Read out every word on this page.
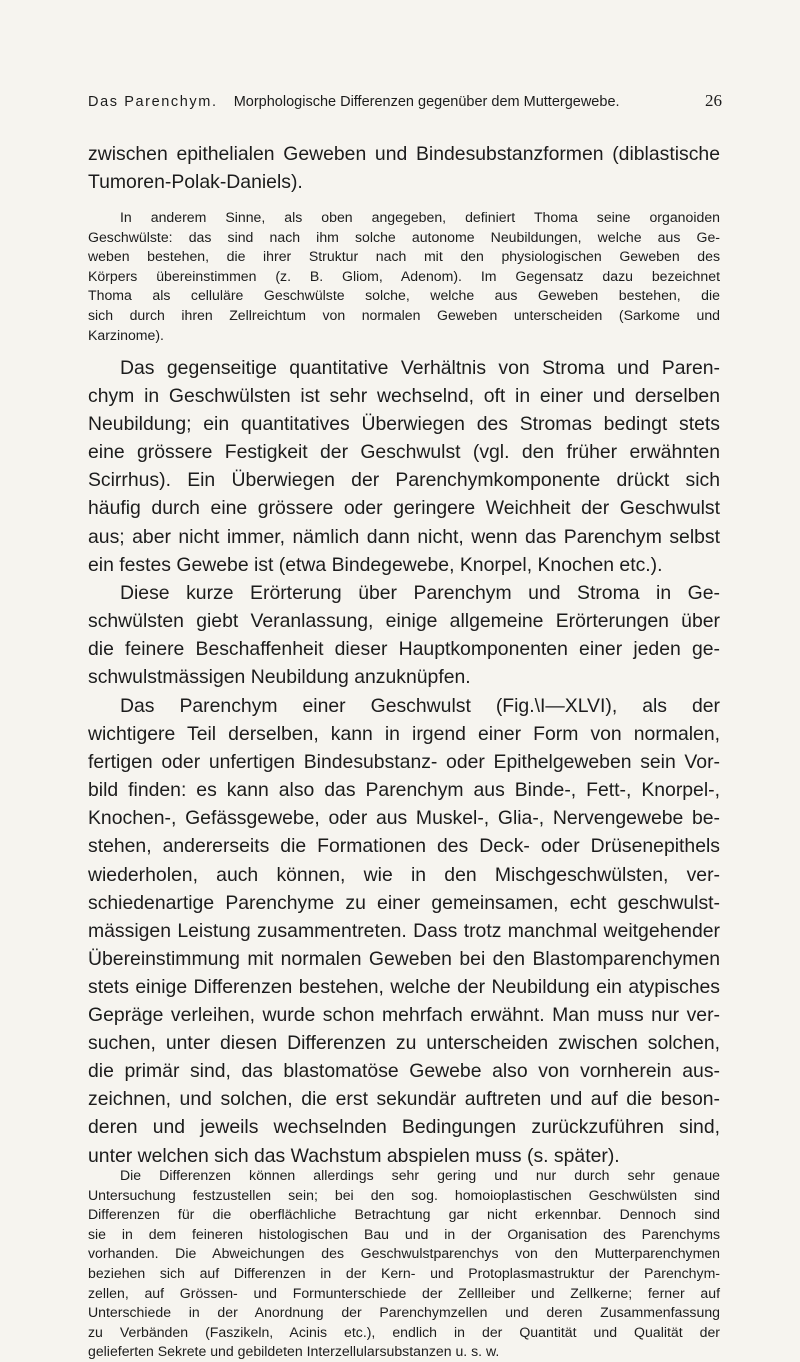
Das Parenchym. Morphologische Differenzen gegenüber dem Muttergewebe.	26
zwischen epithelialen Geweben und Bindesubstanzformen (diblastische
Tumoren-Polak-Daniels).
In anderem Sinne, als oben angegeben, definiert Thoma seine organoiden
Geschwülste: das sind nach ihm solche autonome Neubildungen, welche aus Ge-
weben bestehen, die ihrer Struktur nach mit den physiologischen Geweben des
Körpers übereinstimmen (z. B. Gliom, Adenom). Im Gegensatz dazu bezeichnet
Thoma als celluläre Geschwülste solche, welche aus Geweben bestehen, die
sich durch ihren Zellreichtum von normalen Geweben unterscheiden (Sarkome und
Karzinome).
Das gegenseitige quantitative Verhältnis von Stroma und Paren-
chym in Geschwülsten ist sehr wechselnd, oft in einer und derselben
Neubildung; ein quantitatives Überwiegen des Stromas bedingt stets
eine grössere Festigkeit der Geschwulst (vgl. den früher erwähnten
Scirrhus). Ein Überwiegen der Parenchymkomponente drückt sich
häufig durch eine grössere oder geringere Weichheit der Geschwulst
aus; aber nicht immer, nämlich dann nicht, wenn das Parenchym selbst
ein festes Gewebe ist (etwa Bindegewebe, Knorpel, Knochen etc.).
Diese kurze Erörterung über Parenchym und Stroma in Ge-
schwülsten giebt Veranlassung, einige allgemeine Erörterungen über
die feinere Beschaffenheit dieser Hauptkomponenten einer jeden ge-
schwulstmässigen Neubildung anzuknüpfen.
Das Parenchym einer Geschwulst (Fig.\I—XLVI), als der
wichtigere Teil derselben, kann in irgend einer Form von normalen,
fertigen oder unfertigen Bindesubstanz- oder Epithelgeweben sein Vor-
bild finden: es kann also das Parenchym aus Binde-, Fett-, Knorpel-,
Knochen-, Gefässgewebe, oder aus Muskel-, Glia-, Nervengewebe be-
stehen, andererseits die Formationen des Deck- oder Drüsenepithels
wiederholen, auch können, wie in den Mischgeschwülsten, ver-
schiedenartige Parenchyme zu einer gemeinsamen, echt geschwulst-
mässigen Leistung zusammentreten. Dass trotz manchmal weitgehender
Übereinstimmung mit normalen Geweben bei den Blastomparenchymen
stets einige Differenzen bestehen, welche der Neubildung ein atypisches
Gepräge verleihen, wurde schon mehrfach erwähnt. Man muss nur ver-
suchen, unter diesen Differenzen zu unterscheiden zwischen solchen,
die primär sind, das blastomatöse Gewebe also von vornherein aus-
zeichnen, und solchen, die erst sekundär auftreten und auf die beson-
deren und jeweils wechselnden Bedingungen zurückzuführen sind,
unter welchen sich das Wachstum abspielen muss (s. später).
Die Differenzen können allerdings sehr gering und nur durch sehr genaue
Untersuchung festzustellen sein; bei den sog. homoioplastischen Geschwülsten sind
Differenzen für die oberflächliche Betrachtung gar nicht erkennbar. Dennoch sind
sie in dem feineren histologischen Bau und in der Organisation des Parenchyms
vorhanden. Die Abweichungen des Geschwulstparenchys von den Mutterparenchymen
beziehen sich auf Differenzen in der Kern- und Protoplasmastruktur der Parenchym-
zellen, auf Grössen- und Formunterschiede der Zellleiber und Zellkerne; ferner auf
Unterschiede in der Anordnung der Parenchymzellen und deren Zusammenfassung
zu Verbänden (Faszikeln, Acinis etc.), endlich in der Quantität und Qualität der
gelieferten Sekrete und gebildeten Interzellularsubstanzen u. s. w.
